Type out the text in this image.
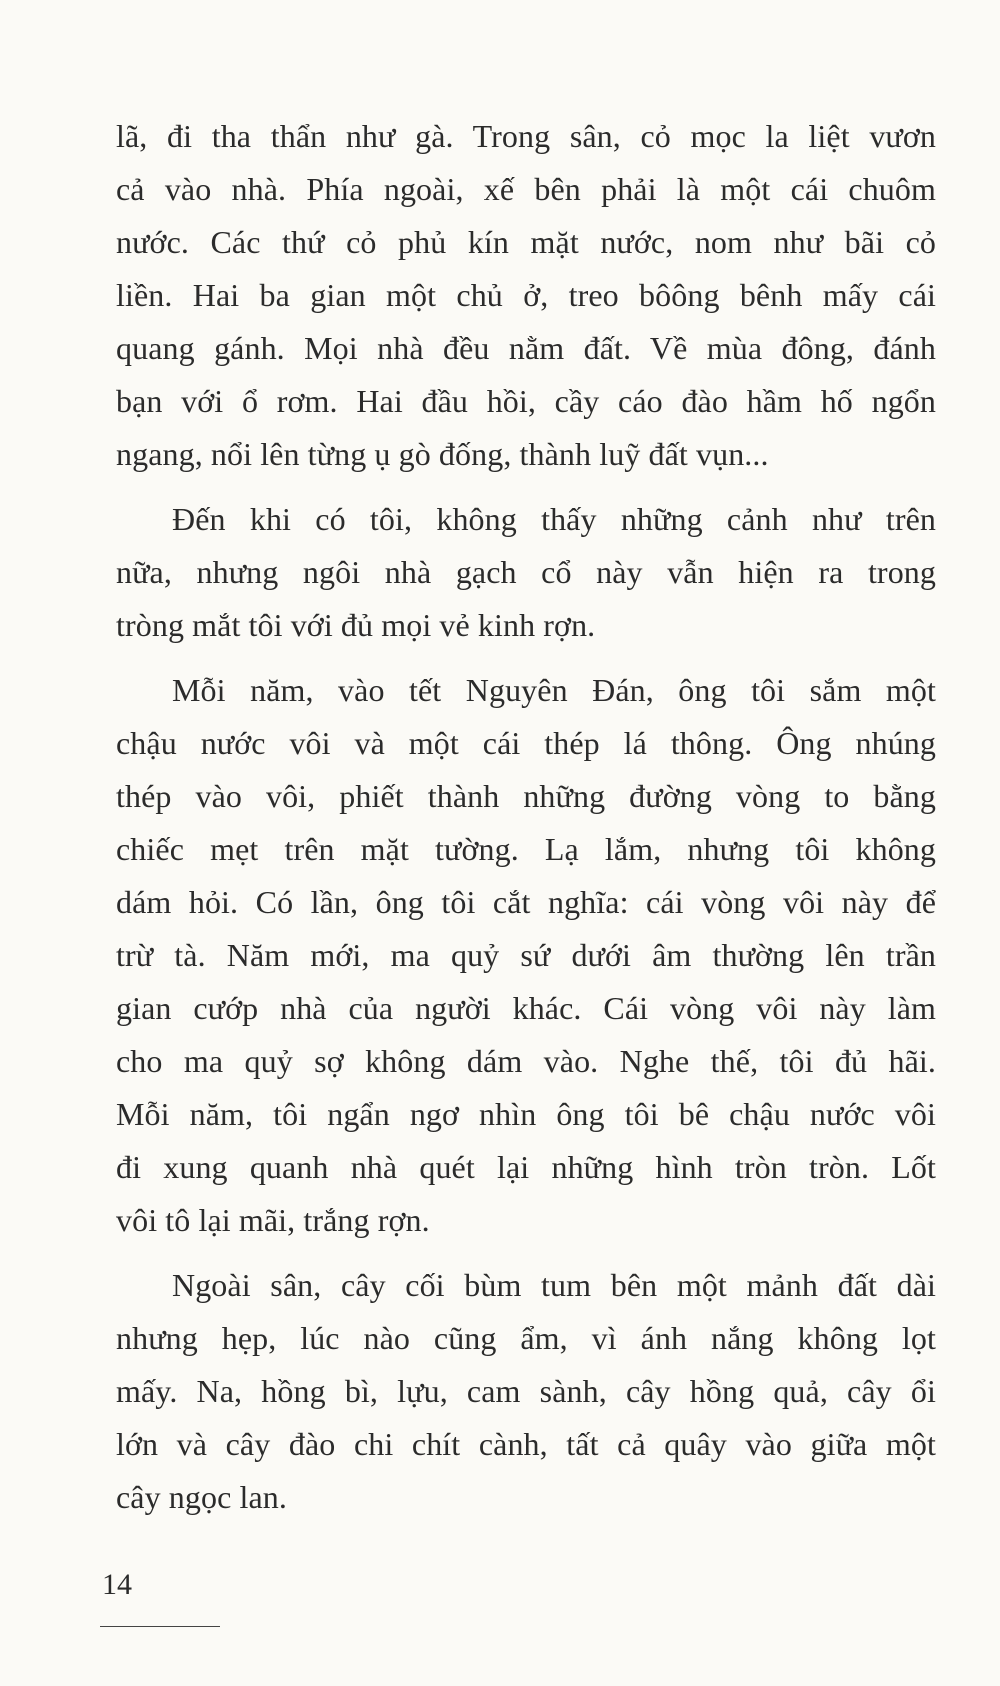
lã, đi tha thẩn như gà. Trong sân, cỏ mọc la liệt vươn
cả vào nhà. Phía ngoài, xế bên phải là một cái chuôm
nước. Các thứ cỏ phủ kín mặt nước, nom như bãi cỏ
liền. Hai ba gian một chủ ở, treo bôông bênh mấy cái
quang gánh. Mọi nhà đều nằm đất. Về mùa đông, đánh
bạn với ổ rơm. Hai đầu hồi, cầy cáo đào hầm hố ngổn
ngang, nổi lên từng ụ gò đống, thành luỹ đất vụn...
Đến khi có tôi, không thấy những cảnh như trên
nữa, nhưng ngôi nhà gạch cổ này vẫn hiện ra trong
tròng mắt tôi với đủ mọi vẻ kinh rợn.
Mỗi năm, vào tết Nguyên Đán, ông tôi sắm một
chậu nước vôi và một cái thép lá thông. Ông nhúng
thép vào vôi, phiết thành những đường vòng to bằng
chiếc mẹt trên mặt tường. Lạ lắm, nhưng tôi không
dám hỏi. Có lần, ông tôi cắt nghĩa: cái vòng vôi này để
trừ tà. Năm mới, ma quỷ sứ dưới âm thường lên trần
gian cướp nhà của người khác. Cái vòng vôi này làm
cho ma quỷ sợ không dám vào. Nghe thế, tôi đủ hãi.
Mỗi năm, tôi ngẩn ngơ nhìn ông tôi bê chậu nước vôi
đi xung quanh nhà quét lại những hình tròn tròn. Lốt
vôi tô lại mãi, trắng rợn.
Ngoài sân, cây cối bùm tum bên một mảnh đất dài
nhưng hẹp, lúc nào cũng ẩm, vì ánh nắng không lọt
mấy. Na, hồng bì, lựu, cam sành, cây hồng quả, cây ổi
lớn và cây đào chi chít cành, tất cả quây vào giữa một
cây ngọc lan.
14
